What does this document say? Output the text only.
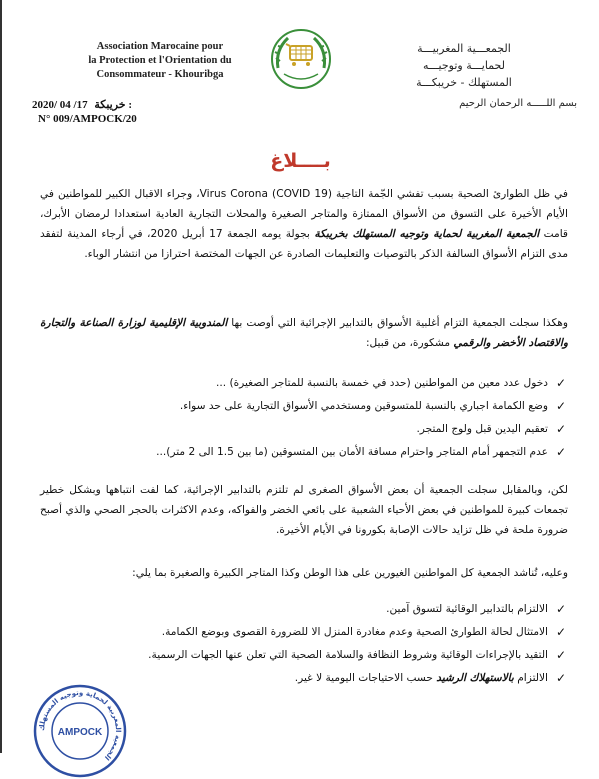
Association Marocaine pour
la Protection et l'Orientation du
Consommateur - Khouribga
الجمعـــية المغربيـــة
لحمايـــة وتوجيـــه
المستهلك - خريبكـــة
2020/ 04 /17 خريبكة :
N° 009/AMPOCK/20
بسم اللـــــه الرحمان الرحيم
بــــلاغ
في ظل الطوارئ الصحية بسبب تفشي الجّمة التاجية (COVID 19) Virus Corona، وجراء الاقبال الكبير للمواطنين في الأيام الأخيرة على التسوق من الأسواق الممتازة والمتاجر الصغيرة والمحلات التجارية العادية استعدادا لرمضان الأبرك، قامت الجمعية المغربية لحماية وتوجيه المستهلك بخريبكة بجولة يومه الجمعة 17 أبريل 2020، في أرجاء المدينة لتفقد مدى التزام الأسواق السالفة الذكر بالتوصيات والتعليمات الصادرة عن الجهات المختصة احترازا من انتشار الوباء.
وهكذا سجلت الجمعية التزام أغلبية الأسواق بالتدابير الإجرائية التي أوصت بها المندوبية الإقليمية لوزارة الصناعة والتجارة والاقتصاد الأخضر والرقمي مشكورة، من قبيل:
✓
دخول عدد معين من المواطنين (حدد في خمسة بالنسبة للمتاجر الصغيرة) ...
✓
وضع الكمامة اجباري بالنسبة للمتسوقين ومستخدمي الأسواق التجارية على حد سواء.
✓
تعقيم اليدين قبل ولوج المتجر.
✓
عدم التجمهر أمام المتاجر واحترام مسافة الأمان بين المتسوقين (ما بين 1.5 الى 2 متر)...
لكن، وبالمقابل سجلت الجمعية أن بعض الأسواق الصغرى لم تلتزم بالتدابير الإجرائية، كما لفت انتباهها وبشكل خطير تجمعات كبيرة للمواطنين في بعض الأحياء الشعبية على بائعي الخضر والفواكه، وعدم الاكثرات بالحجر الصحي والذي أصبح ضرورة ملحة في ظل تزايد حالات الإصابة بكورونا في الأيام الأخيرة.
وعليه، تُناشد الجمعية كل المواطنين الغيورين على هذا الوطن وكذا المتاجر الكبيرة والصغيرة بما يلي:
✓
الالتزام بالتدابير الوقائية لتسوق آمين.
✓
الامتثال لحالة الطوارئ الصحية وعدم مغادرة المنزل الا للضرورة القصوى وبوضع الكمامة.
✓
التقيد بالإجراءات الوقائية وشروط النظافة والسلامة الصحية التي تعلن عنها الجهات الرسمية.
✓
الالتزام بالاستهلاك الرشيد حسب الاحتياجات اليومية لا غير.
الجمعية المغربية لحماية وتوجيه المستهلك
AMPOCK
